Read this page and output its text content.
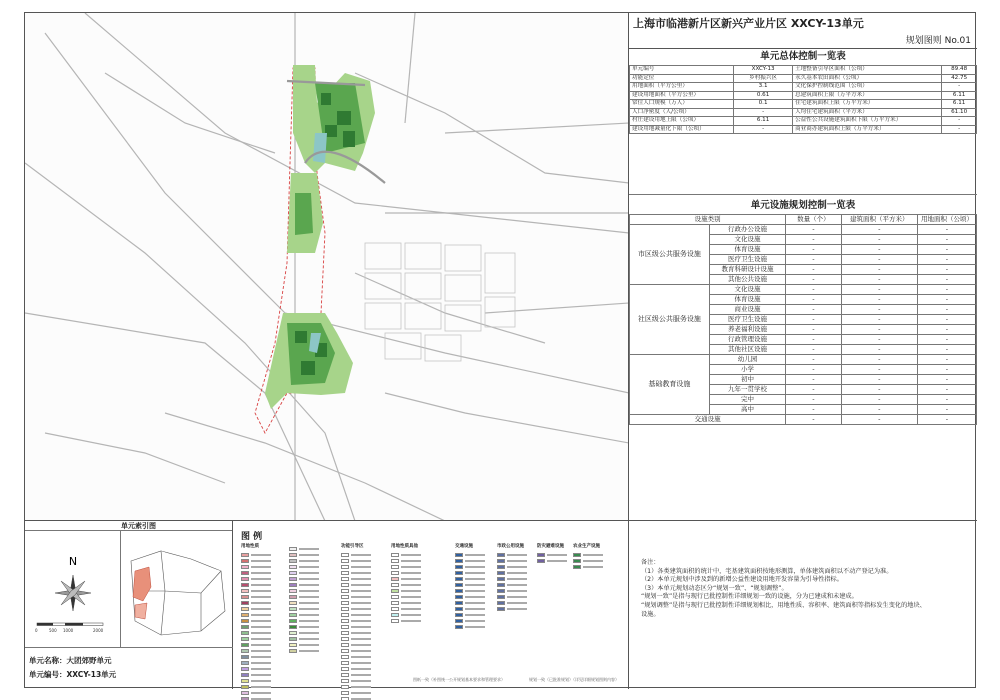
上海市临港新片区新兴产业片区 XXCY-13单元
规划图则 No.01
单元总体控制一览表
单元编号	XXCY-13	土地整备引导区面积（公顷）	89.48
功能定位	乡村振兴区	永久基本农田面积（公顷）	42.75
用地面积（平方公里）	3.1	文化保护控制线范围（公顷）	-
建设用地面积（平方公里）	0.61	总建筑面积上限（万平方米）	6.11
常住人口规模（万人）	0.1	住宅建筑面积上限（万平方米）	6.11
人口净密度（人/公顷）	-	人均住宅建筑面积（平方米）	61.10
村庄建设用地上限（公顷）	6.11	公益性公共设施建筑面积下限（万平方米）	-
建设用地减量化下限（公顷）	-	商业商办建筑面积上限（万平方米）	-
单元设施规划控制一览表
设施类别		数量（个）	建筑面积（平方米）	用地面积（公顷）
市区级公共服务设施	行政办公设施	-	-	-
	文化设施	-	-	-
	体育设施	-	-	-
	医疗卫生设施	-	-	-
	教育科研设计设施	-	-	-
	其他公共设施	-	-	-
社区级公共服务设施	文化设施	-	-	-
	体育设施	-	-	-
	商业设施	-	-	-
	医疗卫生设施	-	-	-
	养老福利设施	-	-	-
	行政管理设施	-	-	-
	其他社区设施	-	-	-
基础教育设施	幼儿园	-	-	-
	小学	-	-	-
	初中	-	-	-
	九年一贯学校	-	-	-
	完中	-	-	-
	高中	-	-	-
交通设施		-	-	-
单元索引图
N
0	500 1000	2000
单元名称：大团郊野单元
单元编号：XXCY-13单元
图 例
用地性质	功能引导区	用地性质具他	交通设施	市政公用设施	防灾避难设施	农业生产设施
图纸一致（补图统一公开规划基本要求和管理要求）	规划一致（已批准规划）（详见详细规划图则内容）

备注：

（1）各类建筑面积的统计中，宅基建筑面积按地形测算，单体建筑面积以不动产登记为准。

（2）本单元规划中涉及到的新增公益性建设用地开发容量为引导性指标。

（3）本单元规划动态区分“规划一致”、“规划调整”。

“规划一致”是指与现行已批控制性详细规划一致的设施，分为已建成和未建成。

“规划调整”是指与现行已批控制性详细规划相比，用地性质、容积率、建筑面积等指标发生变化的地块、

设施。
